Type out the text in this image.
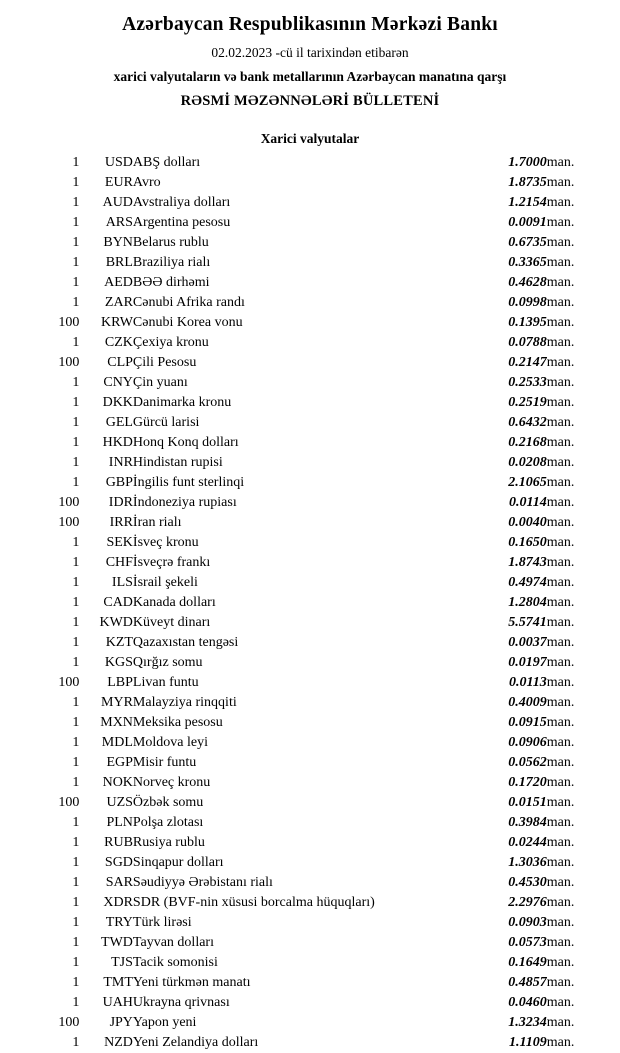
Azərbaycan Respublikasının Mərkəzi Bankı
02.02.2023 -cü il tarixindən etibarən
xarici valyutaların və bank metallarının Azərbaycan manatına qarşı
RƏSMİ MƏZƏNNƏLƏRİ BÜLLETENİ
Xarici valyutalar
1	USD	ABŞ dolları	1.7000	man.
1	EUR	Avro	1.8735	man.
1	AUD	Avstraliya dolları	1.2154	man.
1	ARS	Argentina pesosu	0.0091	man.
1	BYN	Belarus rublu	0.6735	man.
1	BRL	Braziliya rialı	0.3365	man.
1	AED	BƏƏ dirhəmi	0.4628	man.
1	ZAR	Cənubi Afrika randı	0.0998	man.
100	KRW	Cənubi Korea vonu	0.1395	man.
1	CZK	Çexiya kronu	0.0788	man.
100	CLP	Çili Pesosu	0.2147	man.
1	CNY	Çin yuanı	0.2533	man.
1	DKK	Danimarka kronu	0.2519	man.
1	GEL	Gürcü larisi	0.6432	man.
1	HKD	Honq Konq dolları	0.2168	man.
1	INR	Hindistan rupisi	0.0208	man.
1	GBP	İngilis funt sterlinqi	2.1065	man.
100	IDR	İndoneziya rupiası	0.0114	man.
100	IRR	İran rialı	0.0040	man.
1	SEK	İsveç kronu	0.1650	man.
1	CHF	İsveçrə frankı	1.8743	man.
1	ILS	İsrail şekeli	0.4974	man.
1	CAD	Kanada dolları	1.2804	man.
1	KWD	Küveyt dinarı	5.5741	man.
1	KZT	Qazaxıstan tengəsi	0.0037	man.
1	KGS	Qırğız somu	0.0197	man.
100	LBP	Livan funtu	0.0113	man.
1	MYR	Malayziya rinqqiti	0.4009	man.
1	MXN	Meksika pesosu	0.0915	man.
1	MDL	Moldova leyi	0.0906	man.
1	EGP	Misir funtu	0.0562	man.
1	NOK	Norveç kronu	0.1720	man.
100	UZS	Özbək somu	0.0151	man.
1	PLN	Polşa zlotası	0.3984	man.
1	RUB	Rusiya rublu	0.0244	man.
1	SGD	Sinqapur dolları	1.3036	man.
1	SAR	Səudiyyə Ərəbistanı rialı	0.4530	man.
1	XDR	SDR (BVF-nin xüsusi borcalma hüquqları)	2.2976	man.
1	TRY	Türk lirəsi	0.0903	man.
1	TWD	Tayvan dolları	0.0573	man.
1	TJS	Tacik somonisi	0.1649	man.
1	TMT	Yeni türkmən manatı	0.4857	man.
1	UAH	Ukrayna qrivnası	0.0460	man.
100	JPY	Yapon yeni	1.3234	man.
1	NZD	Yeni Zelandiya dolları	1.1109	man.
